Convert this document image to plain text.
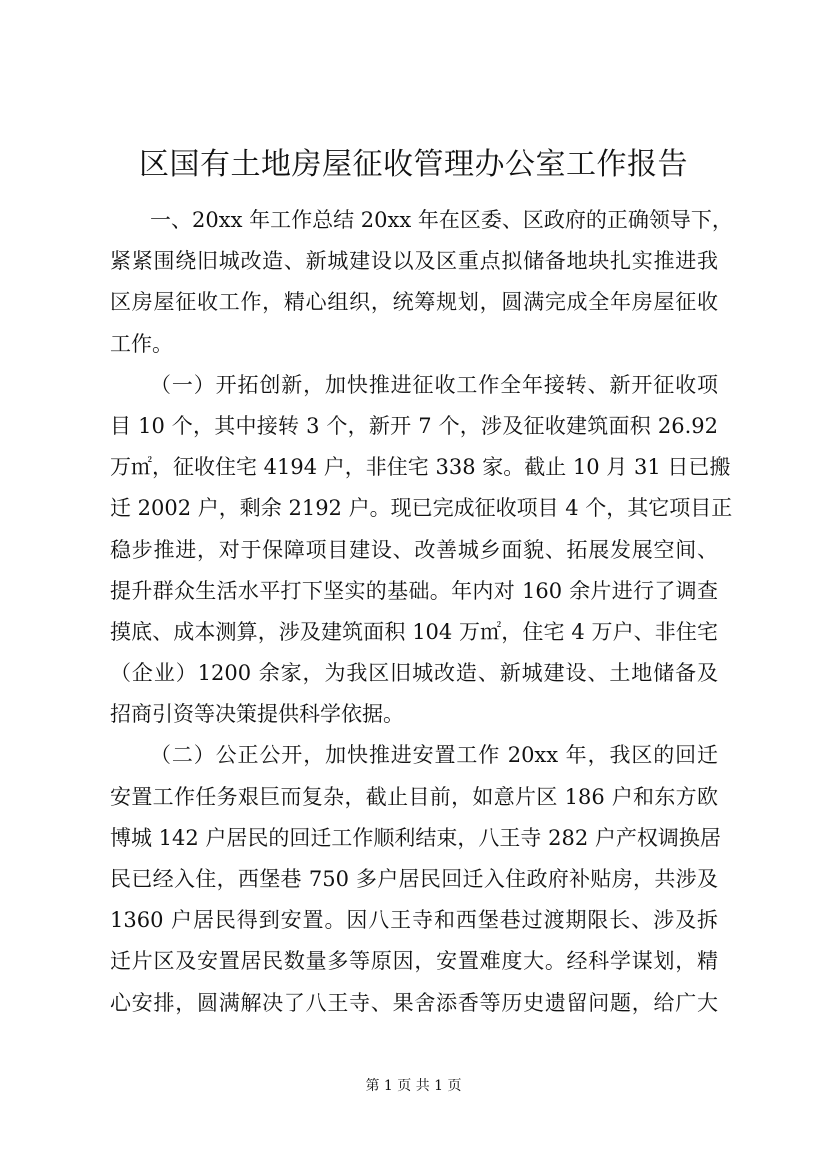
区国有土地房屋征收管理办公室工作报告
一、20xx 年工作总结 20xx 年在区委、区政府的正确领导下，
紧紧围绕旧城改造、新城建设以及区重点拟储备地块扎实推进我
区房屋征收工作，精心组织，统筹规划，圆满完成全年房屋征收
工作。
（一）开拓创新，加快推进征收工作全年接转、新开征收项
目 10 个，其中接转 3 个，新开 7 个，涉及征收建筑面积 26.92
万㎡，征收住宅 4194 户，非住宅 338 家。截止 10 月 31 日已搬
迁 2002 户，剩余 2192 户。现已完成征收项目 4 个，其它项目正
稳步推进，对于保障项目建设、改善城乡面貌、拓展发展空间、
提升群众生活水平打下坚实的基础。年内对 160 余片进行了调查
摸底、成本测算，涉及建筑面积 104 万㎡，住宅 4 万户、非住宅
（企业）1200 余家，为我区旧城改造、新城建设、土地储备及
招商引资等决策提供科学依据。
（二）公正公开，加快推进安置工作 20xx 年，我区的回迁
安置工作任务艰巨而复杂，截止目前，如意片区 186 户和东方欧
博城 142 户居民的回迁工作顺利结束，八王寺 282 户产权调换居
民已经入住，西堡巷 750 多户居民回迁入住政府补贴房，共涉及
1360 户居民得到安置。因八王寺和西堡巷过渡期限长、涉及拆
迁片区及安置居民数量多等原因，安置难度大。经科学谋划，精
心安排，圆满解决了八王寺、果舍添香等历史遗留问题，给广大
第 1 页 共 1 页
